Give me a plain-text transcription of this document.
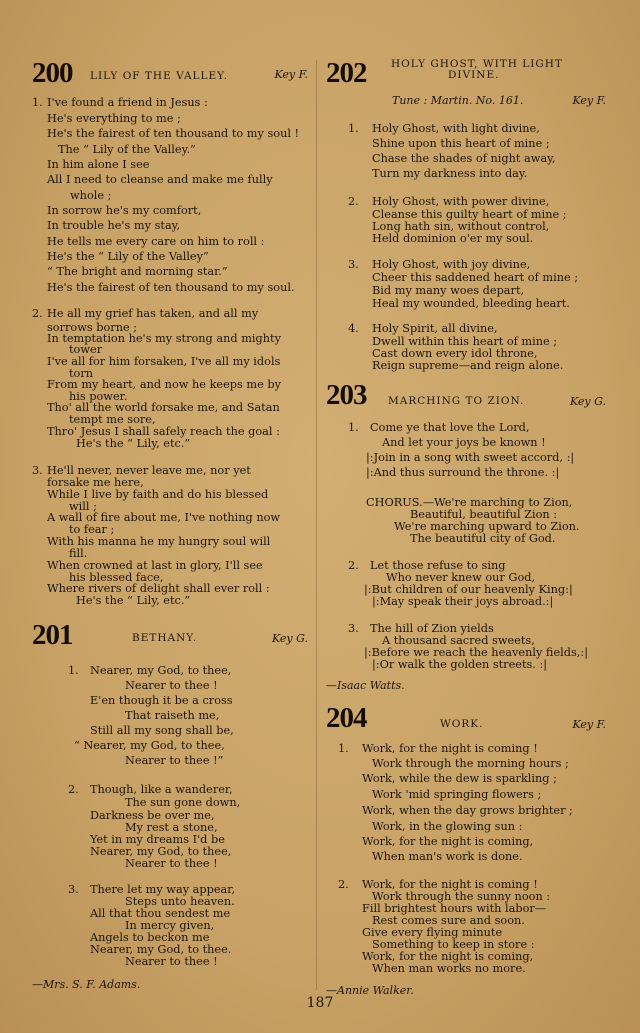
200 LILY OF THE VALLEY.	Key F.
1. I've found a friend in Jesus :
He's everything to me ;
He's the fairest of ten thousand to my soul !
The “ Lily of the Valley.”
In him alone I see
All I need to cleanse and make me fully
whole ;
In sorrow he's my comfort,
In trouble he's my stay,
He tells me every care on him to roll :
He's the “ Lily of the Valley”
“ The bright and morning star.”
He's the fairest of ten thousand to my soul.
2. He all my grief has taken, and all my
sorrows borne ;
In temptation he's my strong and mighty
tower
I've all for him forsaken, I've all my idols
torn
From my heart, and now he keeps me by
his power.
Tho' all the world forsake me, and Satan
tempt me sore,
Thro' Jesus I shall safely reach the goal :
He's the “ Lily, etc.”
3. He'll never, never leave me, nor yet
forsake me here,
While I live by faith and do his blessed
will ;
A wall of fire about me, I've nothing now
to fear ;
With his manna he my hungry soul will
fill.
When crowned at last in glory, I'll see
his blessed face,
Where rivers of delight shall ever roll :
He's the “ Lily, etc.”
201	BETHANY.	Key G.
1. Nearer, my God, to thee,
Nearer to thee !
E'en though it be a cross
That raiseth me,
Still all my song shall be,
“ Nearer, my God, to thee,
Nearer to thee !”
2. Though, like a wanderer,
The sun gone down,
Darkness be over me,
My rest a stone,
Yet in my dreams I'd be
Nearer, my God, to thee,
Nearer to thee !
3. There let my way appear,
Steps unto heaven.
All that thou sendest me
In mercy given,
Angels to beckon me
Nearer, my God, to thee.
Nearer to thee !
—Mrs. S. F. Adams.
202 HOLY GHOST, WITH LIGHT
DIVINE.
Tune : Martin. No. 161.	Key F.
1. Holy Ghost, with light divine,
Shine upon this heart of mine ;
Chase the shades of night away,
Turn my darkness into day.
2. Holy Ghost, with power divine,
Cleanse this guilty heart of mine ;
Long hath sin, without control,
Held dominion o'er my soul.
3. Holy Ghost, with joy divine,
Cheer this saddened heart of mine ;
Bid my many woes depart,
Heal my wounded, bleeding heart.
4. Holy Spirit, all divine,
Dwell within this heart of mine ;
Cast down every idol throne,
Reign supreme—and reign alone.
203 MARCHING TO ZION.	Key G.
1. Come ye that love the Lord,
And let your joys be known !
|:Join in a song with sweet accord, :|
|:And thus surround the throne. :|
CHORUS.—We're marching to Zion,
Beautiful, beautiful Zion :
We're marching upward to Zion.
The beautiful city of God.
2. Let those refuse to sing
Who never knew our God,
|:But children of our heavenly King:|
|:May speak their joys abroad.:|
3. The hill of Zion yields
A thousand sacred sweets,
|:Before we reach the heavenly fields,:|
|:Or walk the golden streets. :|
—Isaac Watts.
204	WORK.	Key F.
1. Work, for the night is coming !
Work through the morning hours ;
Work, while the dew is sparkling ;
Work 'mid springing flowers ;
Work, when the day grows brighter ;
Work, in the glowing sun :
Work, for the night is coming,
When man's work is done.
2. Work, for the night is coming !
Work through the sunny noon :
Fill brightest hours with labor—
Rest comes sure and soon.
Give every flying minute
Something to keep in store :
Work, for the night is coming,
When man works no more.
—Annie Walker.
187
